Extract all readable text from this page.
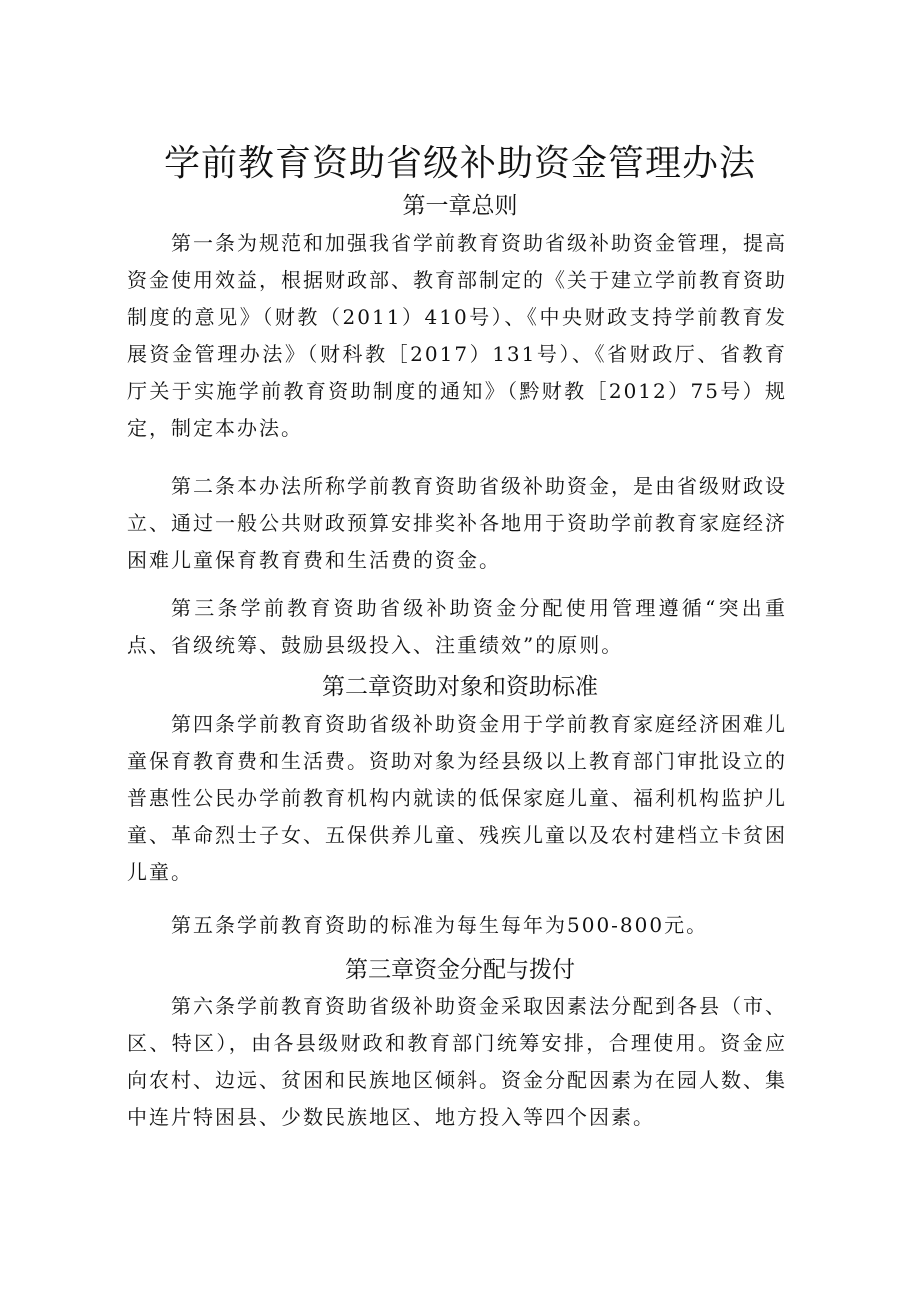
学前教育资助省级补助资金管理办法
第一章总则

第一条为规范和加强我省学前教育资助省级补助资金管理，提高资金使用效益，根据财政部、教育部制定的《关于建立学前教育资助制度的意见》（财教（2011）410号）、《中央财政支持学前教育发展资金管理办法》（财科教［2017）131号）、《省财政厅、省教育厅关于实施学前教育资助制度的通知》（黔财教［2012）75号）规定，制定本办法。

第二条本办法所称学前教育资助省级补助资金，是由省级财政设立、通过一般公共财政预算安排奖补各地用于资助学前教育家庭经济困难儿童保育教育费和生活费的资金。

第三条学前教育资助省级补助资金分配使用管理遵循“突出重点、省级统筹、鼓励县级投入、注重绩效”的原则。

第二章资助对象和资助标准

第四条学前教育资助省级补助资金用于学前教育家庭经济困难儿童保育教育费和生活费。资助对象为经县级以上教育部门审批设立的普惠性公民办学前教育机构内就读的低保家庭儿童、福利机构监护儿童、革命烈士子女、五保供养儿童、残疾儿童以及农村建档立卡贫困儿童。

第五条学前教育资助的标准为每生每年为500-800元。

第三章资金分配与拨付

第六条学前教育资助省级补助资金采取因素法分配到各县（市、区、特区），由各县级财政和教育部门统筹安排，合理使用。资金应向农村、边远、贫困和民族地区倾斜。资金分配因素为在园人数、集中连片特困县、少数民族地区、地方投入等四个因素。
